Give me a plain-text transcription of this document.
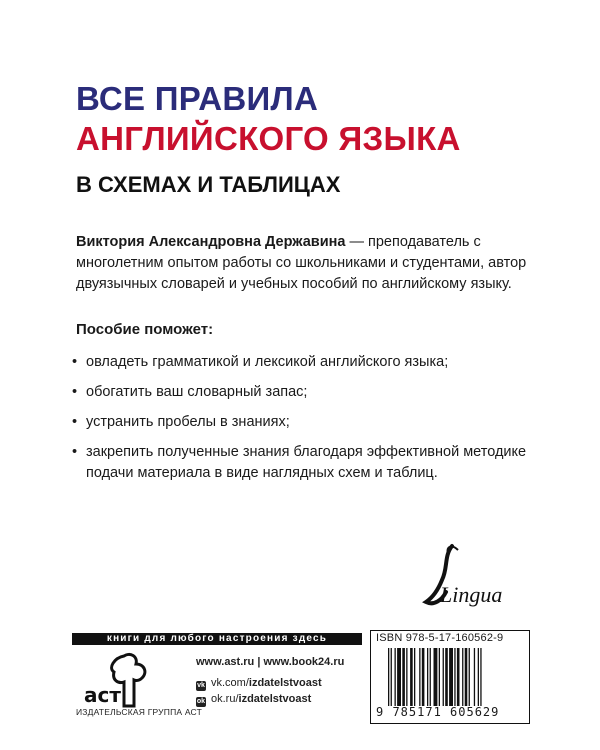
ВСЕ ПРАВИЛА
АНГЛИЙСКОГО ЯЗЫКА
В СХЕМАХ И ТАБЛИЦАХ
Виктория Александровна Державина — преподаватель с многолетним опытом работы со школьниками и студентами, автор двуязычных словарей и учебных пособий по английскому языку.
Пособие поможет:
• овладеть грамматикой и лексикой английского языка;
• обогатить ваш словарный запас;
• устранить пробелы в знаниях;
• закрепить полученные знания благодаря эффективной методике подачи материала в виде наглядных схем и таблиц.
Lingua
книги для любого настроения здесь
аст
ИЗДАТЕЛЬСКАЯ ГРУППА АСТ
www.ast.ru | www.book24.ru
vk vk.com/izdatelstvoast
ok ok.ru/izdatelstvoast
ISBN 978-5-17-160562-9
9 785171 605629
